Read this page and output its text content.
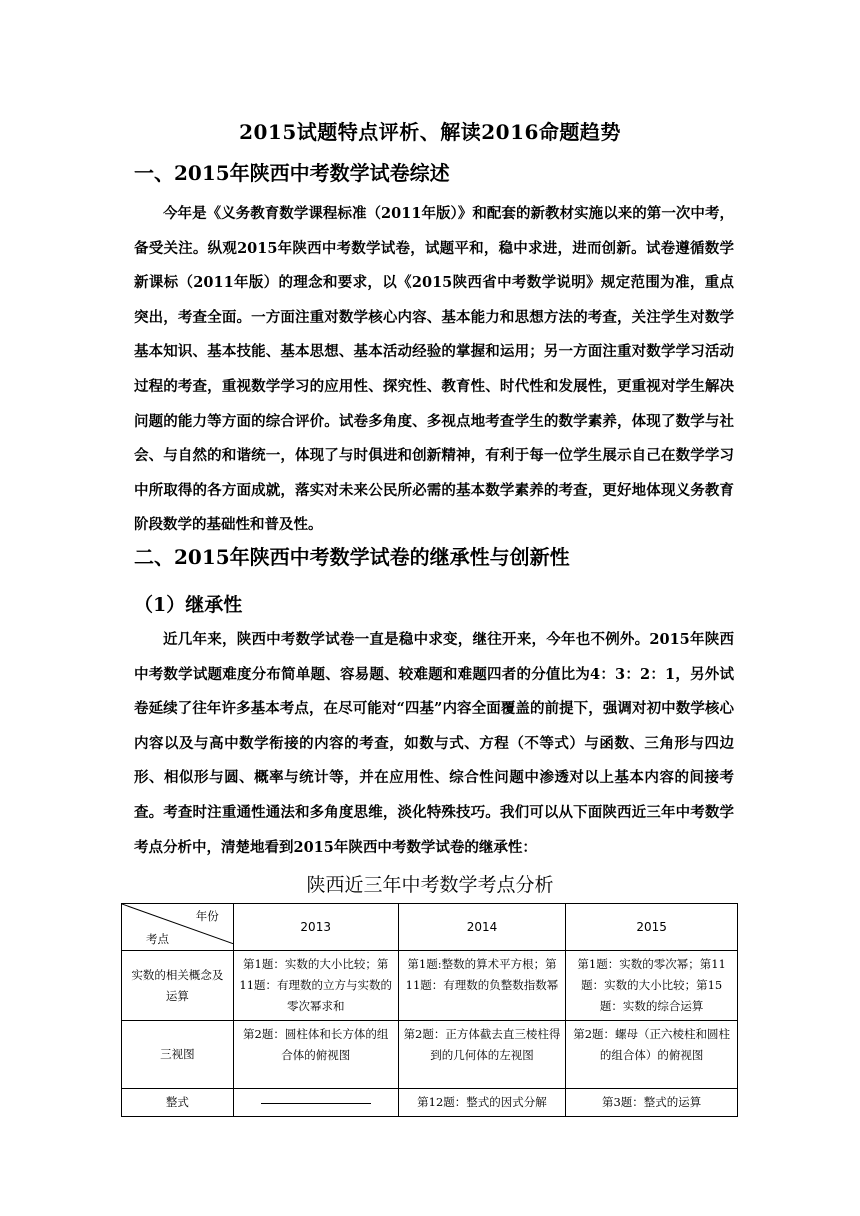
2015试题特点评析、解读2016命题趋势
一、2015年陕西中考数学试卷综述

今年是《义务教育数学课程标准（2011年版）》和配套的新教材实施以来的第一次中考，备受关注。纵观2015年陕西中考数学试卷，试题平和，稳中求进，进而创新。试卷遵循数学新课标（2011年版）的理念和要求，以《2015陕西省中考数学说明》规定范围为准，重点突出，考查全面。一方面注重对数学核心内容、基本能力和思想方法的考查，关注学生对数学基本知识、基本技能、基本思想、基本活动经验的掌握和运用；另一方面注重对数学学习活动过程的考查，重视数学学习的应用性、探究性、教育性、时代性和发展性，更重视对学生解决问题的能力等方面的综合评价。试卷多角度、多视点地考查学生的数学素养，体现了数学与社会、与自然的和谐统一，体现了与时俱进和创新精神，有利于每一位学生展示自己在数学学习中所取得的各方面成就，落实对未来公民所必需的基本数学素养的考查，更好地体现义务教育阶段数学的基础性和普及性。

二、2015年陕西中考数学试卷的继承性与创新性
（1）继承性

近几年来，陕西中考数学试卷一直是稳中求变，继往开来，今年也不例外。2015年陕西中考数学试题难度分布简单题、容易题、较难题和难题四者的分值比为4：3：2：1，另外试卷延续了往年许多基本考点，在尽可能对“四基”内容全面覆盖的前提下，强调对初中数学核心内容以及与高中数学衔接的内容的考查，如数与式、方程（不等式）与函数、三角形与四边形、相似形与圆、概率与统计等，并在应用性、综合性问题中渗透对以上基本内容的间接考查。考查时注重通性通法和多角度思维，淡化特殊技巧。我们可以从下面陕西近三年中考数学考点分析中，清楚地看到2015年陕西中考数学试卷的继承性：

陕西近三年中考数学考点分析
年份
考点	2013	2014	2015
实数的相关概念及运算	第1题：实数的大小比较；第11题：有理数的立方与实数的零次幂求和	第1题:整数的算术平方根；第11题：有理数的负整数指数幂	第1题：实数的零次幂；第11题：实数的大小比较；第15题：实数的综合运算
三视图	第2题：圆柱体和长方体的组合体的俯视图	第2题：正方体截去直三棱柱得到的几何体的左视图	第2题：螺母（正六棱柱和圆柱的组合体）的俯视图
整式		第12题：整式的因式分解	第3题：整式的运算
